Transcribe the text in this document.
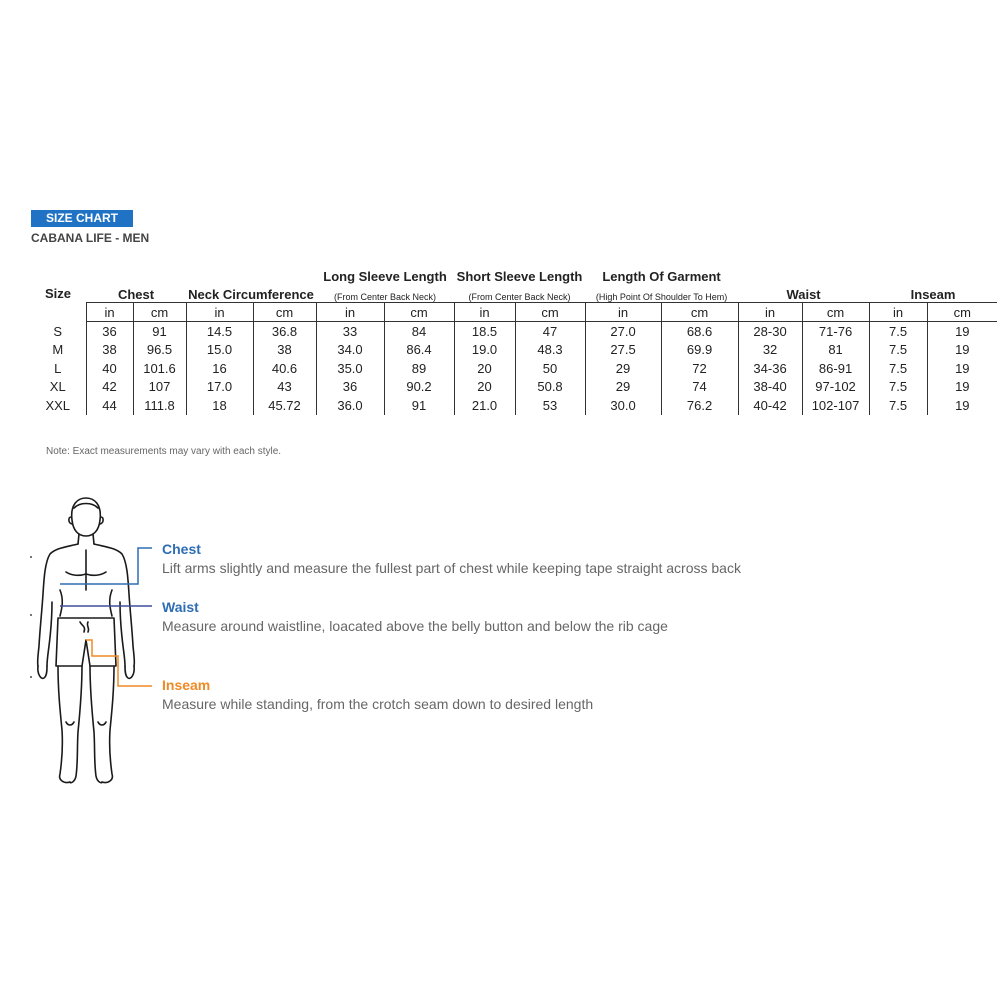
SIZE CHART
CABANA LIFE - MEN
Size					Long Sleeve Length		Short Sleeve Length		Length Of Garment					
	Chest		Neck Circumference		(From Center Back Neck)		(From Center Back Neck)		(High Point Of Shoulder To Hem)		Waist		Inseam	
	in	cm	in	cm	in	cm	in	cm	in	cm	in	cm	in	cm
S	36	91	14.5	36.8	33	84	18.5	47	27.0	68.6	28-30	71-76	7.5	19
M	38	96.5	15.0	38	34.0	86.4	19.0	48.3	27.5	69.9	32	81	7.5	19
L	40	101.6	16	40.6	35.0	89	20	50	29	72	34-36	86-91	7.5	19
XL	42	107	17.0	43	36	90.2	20	50.8	29	74	38-40	97-102	7.5	19
XXL	44	111.8	18	45.72	36.0	91	21.0	53	30.0	76.2	40-42	102-107	7.5	19
Note: Exact measurements may vary with each style.
Chest
Lift arms slightly and measure the fullest part of chest while keeping tape straight across back
Waist
Measure around waistline, loacated above the belly button and below the rib cage
Inseam
Measure while standing, from the crotch seam down to desired length
